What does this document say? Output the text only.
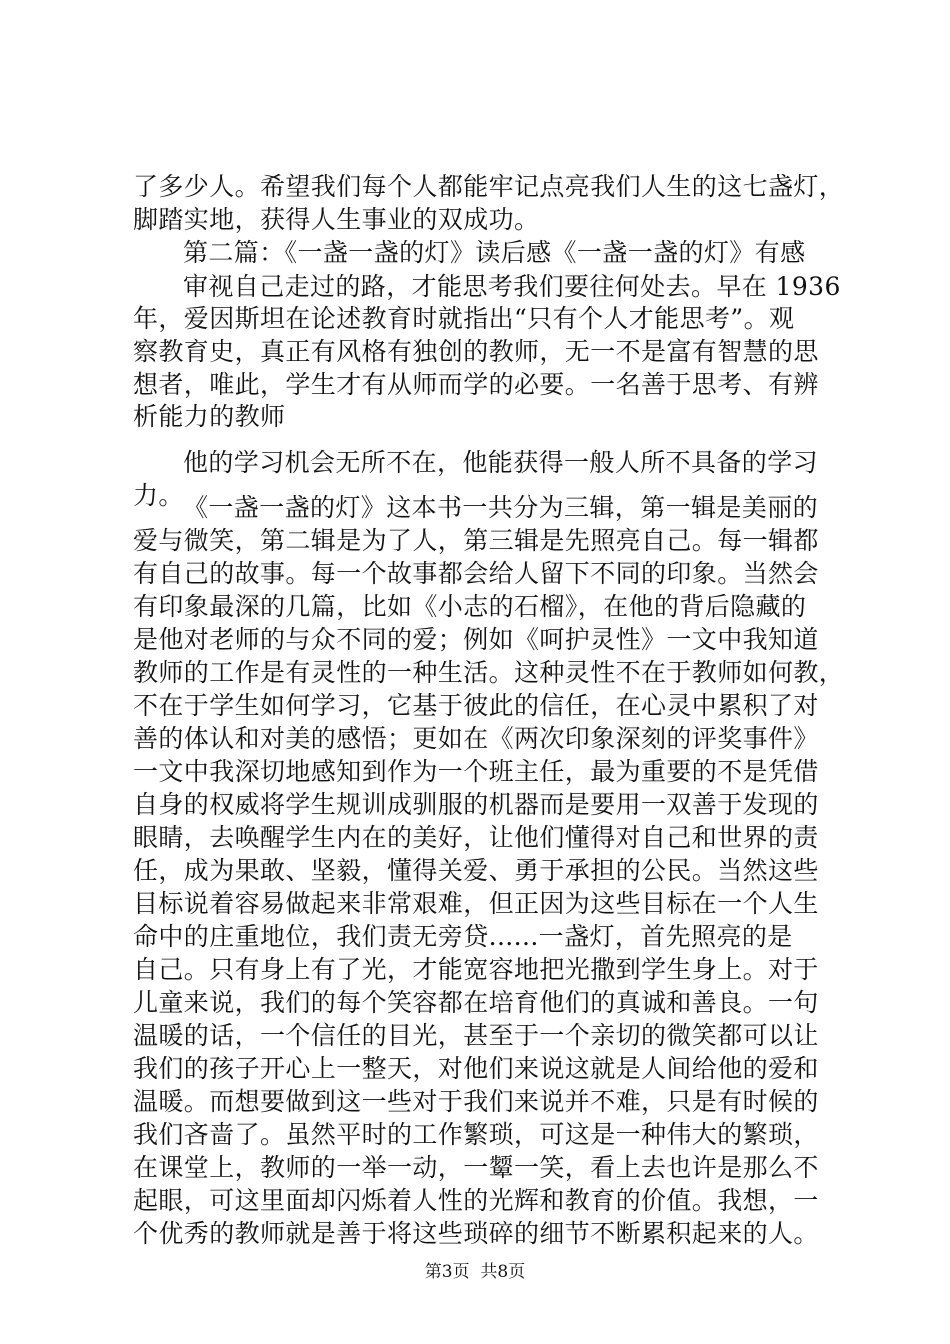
了多少人。希望我们每个人都能牢记点亮我们人生的这七盏灯，
脚踏实地，获得人生事业的双成功。
第二篇：《一盏一盏的灯》读后感《一盏一盏的灯》有感
审视自己走过的路，才能思考我们要往何处去。早在 1936
年，爱因斯坦在论述教育时就指出“只有个人才能思考”。观
察教育史，真正有风格有独创的教师，无一不是富有智慧的思
想者，唯此，学生才有从师而学的必要。一名善于思考、有辨
析能力的教师
他的学习机会无所不在，他能获得一般人所不具备的学习
力。 《一盏一盏的灯》这本书一共分为三辑，第一辑是美丽的
爱与微笑，第二辑是为了人，第三辑是先照亮自己。每一辑都
有自己的故事。每一个故事都会给人留下不同的印象。当然会
有印象最深的几篇，比如《小志的石榴》，在他的背后隐藏的
是他对老师的与众不同的爱；例如《呵护灵性》一文中我知道
教师的工作是有灵性的一种生活。这种灵性不在于教师如何教，
不在于学生如何学习，它基于彼此的信任，在心灵中累积了对
善的体认和对美的感悟；更如在《两次印象深刻的评奖事件》
一文中我深切地感知到作为一个班主任，最为重要的不是凭借
自身的权威将学生规训成驯服的机器而是要用一双善于发现的
眼睛，去唤醒学生内在的美好，让他们懂得对自己和世界的责
任，成为果敢、坚毅，懂得关爱、勇于承担的公民。当然这些
目标说着容易做起来非常艰难，但正因为这些目标在一个人生
命中的庄重地位，我们责无旁贷......一盏灯，首先照亮的是
自己。只有身上有了光，才能宽容地把光撒到学生身上。对于
儿童来说，我们的每个笑容都在培育他们的真诚和善良。一句
温暖的话，一个信任的目光，甚至于一个亲切的微笑都可以让
我们的孩子开心上一整天，对他们来说这就是人间给他的爱和
温暖。而想要做到这一些对于我们来说并不难，只是有时候的
我们吝啬了。虽然平时的工作繁琐，可这是一种伟大的繁琐，
在课堂上，教师的一举一动，一颦一笑，看上去也许是那么不
起眼，可这里面却闪烁着人性的光辉和教育的价值。我想，一
个优秀的教师就是善于将这些琐碎的细节不断累积起来的人。
第3页  共8页
